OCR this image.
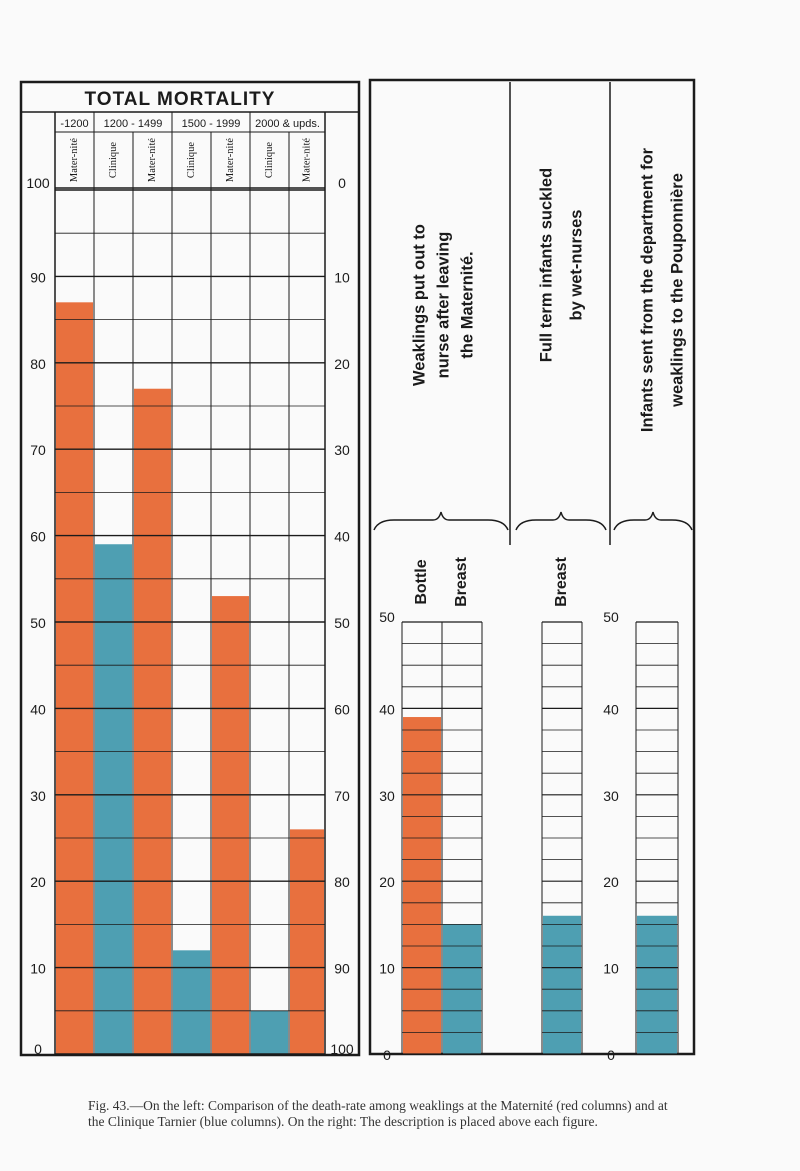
TOTAL MORTALITY
-1200 1200 - 1499 1500 - 1999 2000 & upds.
100
90
80
70
60
50
40
30
20
10
0
0
10
20
30
40
50
60
70
80
90
100
Weaklings put out to nurse after leaving the Maternité.	Full term infants suckled by wet-nurses	Infants sent from the department for weaklings to the Pouponnière
Bottle Breast	Breast
50
40
30
20
10
0
50
40
30
20
10
0
Mater-nité	Clinique	Mater-nité	Clinique	Mater-nité	Clinique	Mater-nité
Fig. 43.—On the left: Comparison of the death-rate among weaklings at the Maternité (red columns) and at
the Clinique Tarnier (blue columns). On the right: The description is placed above each figure.
